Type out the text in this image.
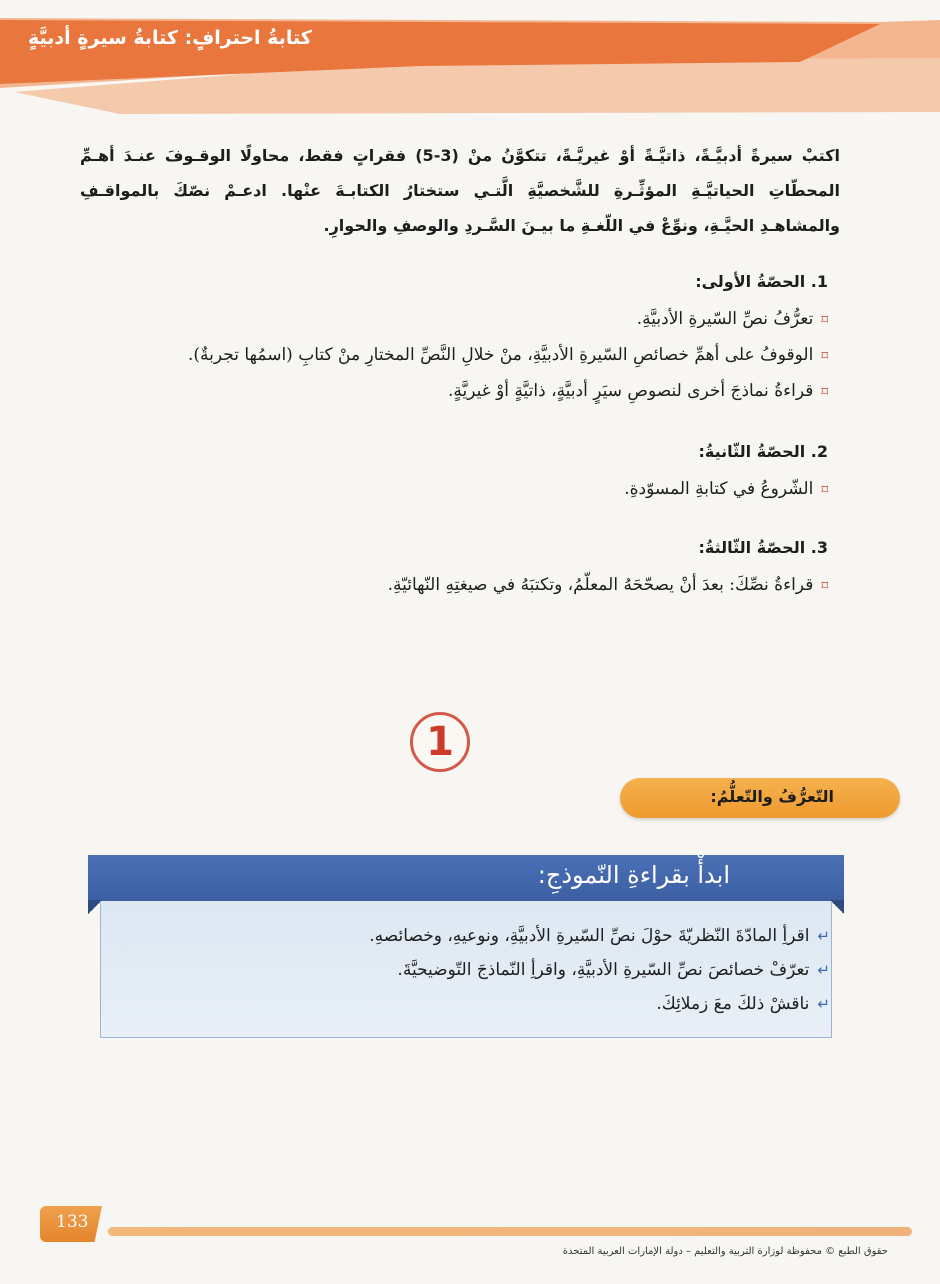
كتابةُ احترافٍ: كتابةُ سيرةٍ أدبيَّةٍ
اكتبْ سيرةً أدبيَّـةً، ذاتيَّـةً أوْ غيريَّـةً، تتكوَّنُ منْ (3-5) فقراتٍ فقط، محاولًا الوقـوفَ عنـدَ أهـمِّ المحطّاتِ الحياتيَّـةِ المؤثِّـرةِ للشَّخصيَّةِ الَّتـي ستختارُ الكتابـةَ عنْها. ادعـمْ نصّكَ بالمواقـفِ والمشاهـدِ الحيَّـةِ، ونوِّعْ في اللّغـةِ ما بيـنَ السَّـردِ والوصفِ والحوارِ.
1. الحصّةُ الأولى:
⌑تعرُّفُ نصِّ السّيرةِ الأدبيَّةِ.
⌑الوقوفُ على أهمِّ خصائصِ السّيرةِ الأدبيَّةِ، منْ خلالِ النَّصِّ المختارِ منْ كتابِ (اسمُها تجربةٌ).
⌑قراءةُ نماذجَ أخرى لنصوصِ سيَرٍ أدبيَّةٍ، ذاتيَّةٍ أوْ غيريَّةٍ.
2. الحصّةُ الثّانيةُ:
⌑الشّروعُ في كتابةِ المسوّدةِ.
3. الحصّةُ الثّالثةُ:
⌑قراءةُ نصِّكَ: بعدَ أنْ يصحّحَهُ المعلّمُ، وتكتبَهُ في صيغتِهِ النّهائيّةِ.
1
التّعرُّفُ والتّعلُّمُ:
ابدأْ بقراءةِ النّموذجِ:
↵اقرأِ المادّةَ النّظريّةَ حوْلَ نصِّ السّيرةِ الأدبيَّةِ، ونوعيهِ، وخصائصهِ.
↵تعرّفْ خصائصَ نصِّ السّيرةِ الأدبيَّةِ، واقرأِ النّماذجَ التّوضيحيَّةَ.
↵ناقشْ ذلكَ معَ زملائِكَ.
133
حقوق الطبع © محفوظة لوزارة التربية والتعليم – دولة الإمارات العربية المتحدة
